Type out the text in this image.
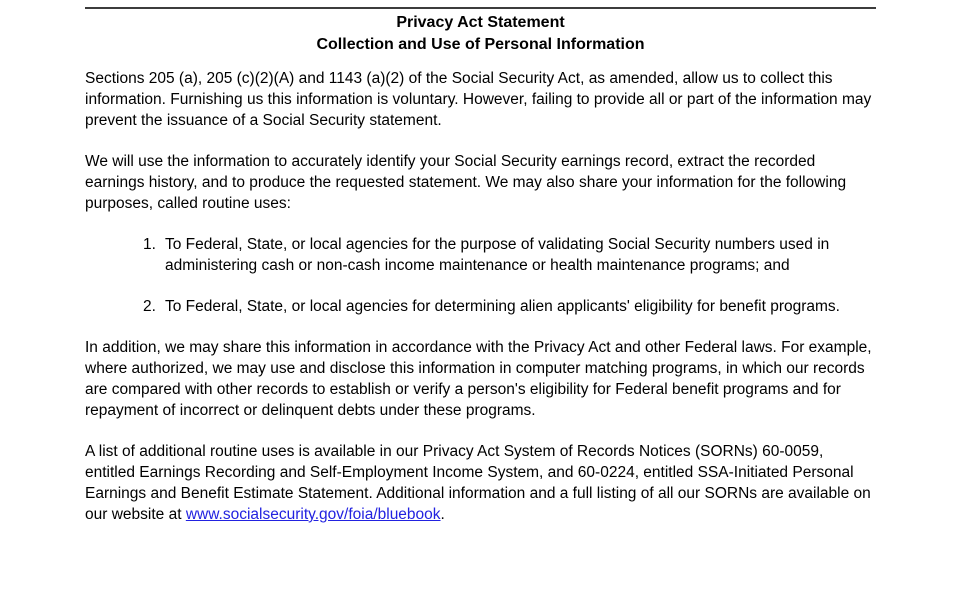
Privacy Act Statement
Collection and Use of Personal Information

Sections 205 (a), 205 (c)(2)(A) and 1143 (a)(2) of the Social Security Act, as amended, allow us to collect this information. Furnishing us this information is voluntary. However, failing to provide all or part of the information may prevent the issuance of a Social Security statement.

We will use the information to accurately identify your Social Security earnings record, extract the recorded earnings history, and to produce the requested statement. We may also share your information for the following purposes, called routine uses:

1. To Federal, State, or local agencies for the purpose of validating Social Security numbers used in administering cash or non-cash income maintenance or health maintenance programs; and
2. To Federal, State, or local agencies for determining alien applicants' eligibility for benefit programs.

In addition, we may share this information in accordance with the Privacy Act and other Federal laws. For example, where authorized, we may use and disclose this information in computer matching programs, in which our records are compared with other records to establish or verify a person's eligibility for Federal benefit programs and for repayment of incorrect or delinquent debts under these programs.

A list of additional routine uses is available in our Privacy Act System of Records Notices (SORNs) 60-0059, entitled Earnings Recording and Self-Employment Income System, and 60-0224, entitled SSA-Initiated Personal Earnings and Benefit Estimate Statement. Additional information and a full listing of all our SORNs are available on our website at www.socialsecurity.gov/foia/bluebook.
